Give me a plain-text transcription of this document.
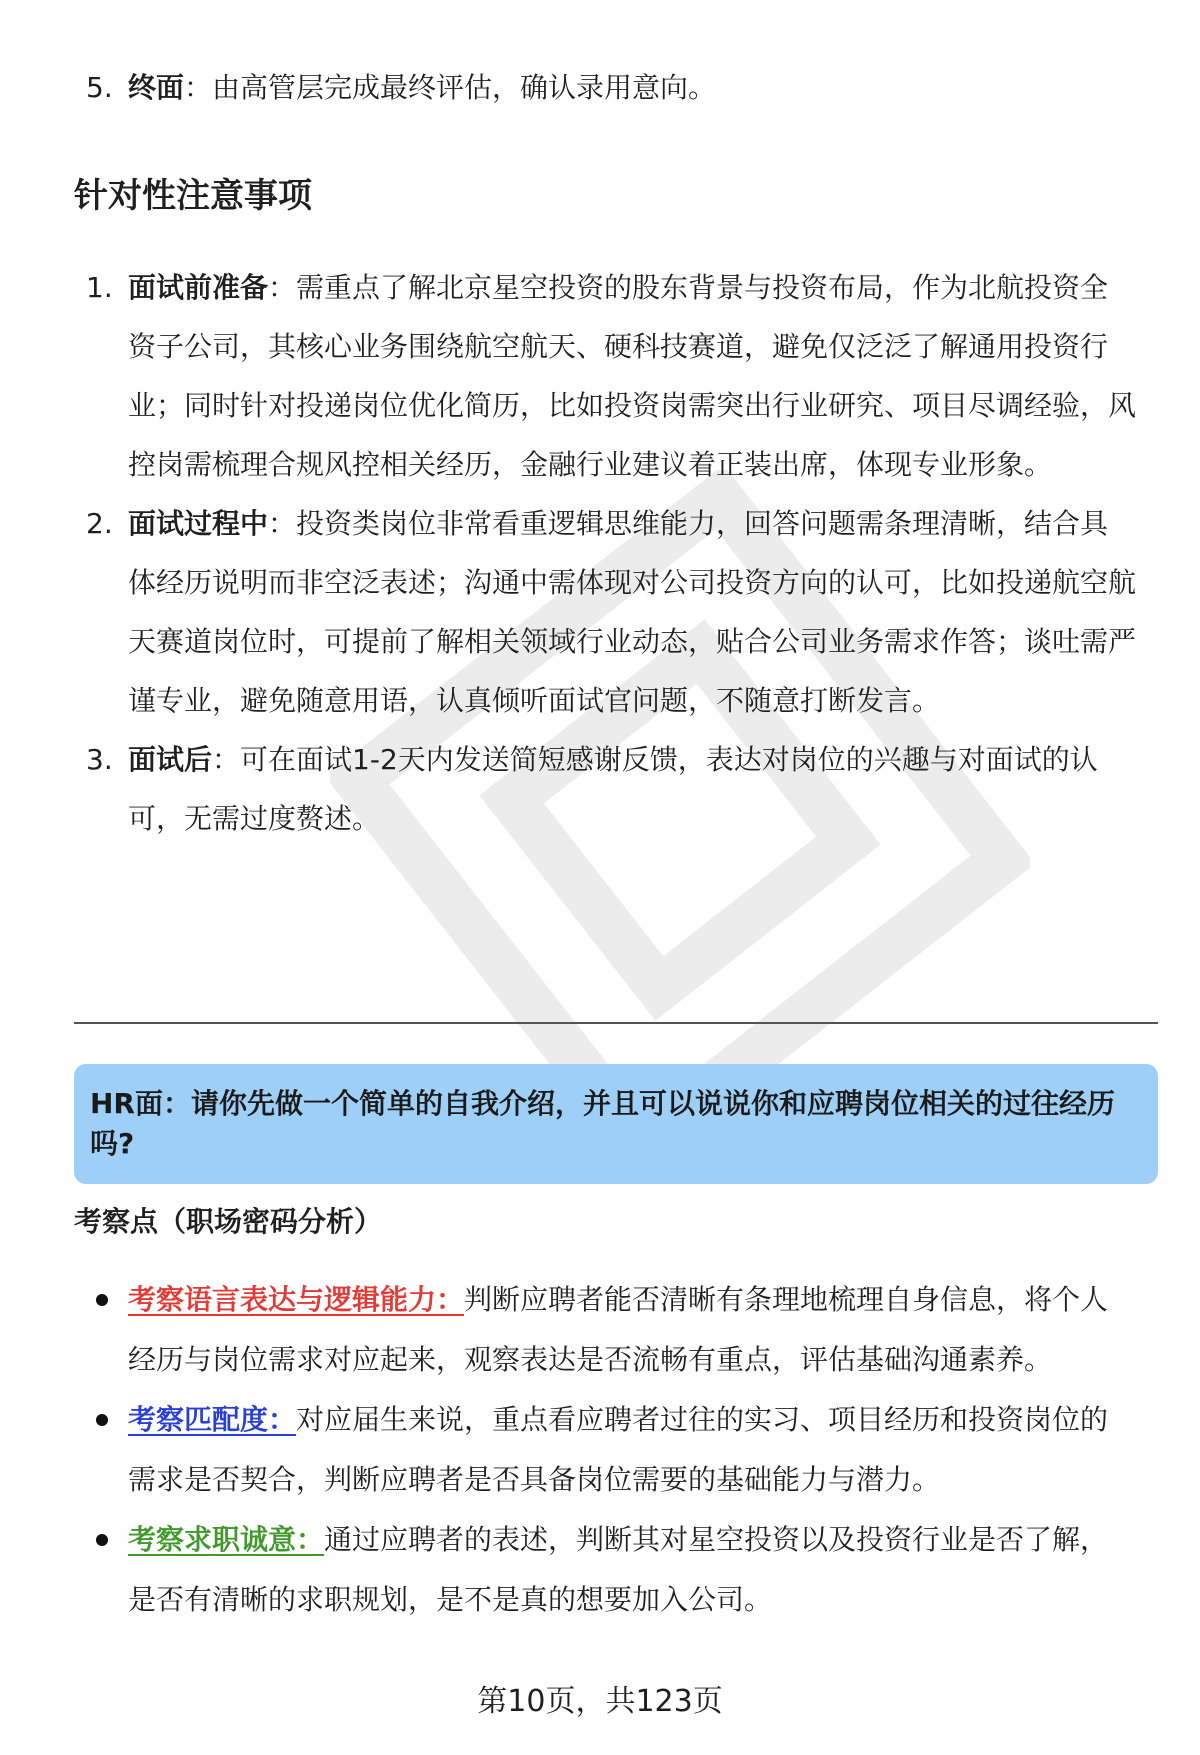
5. 终面：由高管层完成最终评估，确认录用意向。
针对性注意事项
1. 面试前准备：需重点了解北京星空投资的股东背景与投资布局，作为北航投资全资子公司，其核心业务围绕航空航天、硬科技赛道，避免仅泛泛了解通用投资行业；同时针对投递岗位优化简历，比如投资岗需突出行业研究、项目尽调经验，风控岗需梳理合规风控相关经历，金融行业建议着正装出席，体现专业形象。
2. 面试过程中：投资类岗位非常看重逻辑思维能力，回答问题需条理清晰，结合具体经历说明而非空泛表述；沟通中需体现对公司投资方向的认可，比如投递航空航天赛道岗位时，可提前了解相关领域行业动态，贴合公司业务需求作答；谈吐需严谨专业，避免随意用语，认真倾听面试官问题，不随意打断发言。
3. 面试后：可在面试1-2天内发送简短感谢反馈，表达对岗位的兴趣与对面试的认可，无需过度赘述。
HR面：请你先做一个简单的自我介绍，并且可以说说你和应聘岗位相关的过往经历吗?
考察点（职场密码分析）
考察语言表达与逻辑能力：判断应聘者能否清晰有条理地梳理自身信息，将个人经历与岗位需求对应起来，观察表达是否流畅有重点，评估基础沟通素养。
考察匹配度：对应届生来说，重点看应聘者过往的实习、项目经历和投资岗位的需求是否契合，判断应聘者是否具备岗位需要的基础能力与潜力。
考察求职诚意：通过应聘者的表述，判断其对星空投资以及投资行业是否了解，是否有清晰的求职规划，是不是真的想要加入公司。
第10页，共123页
